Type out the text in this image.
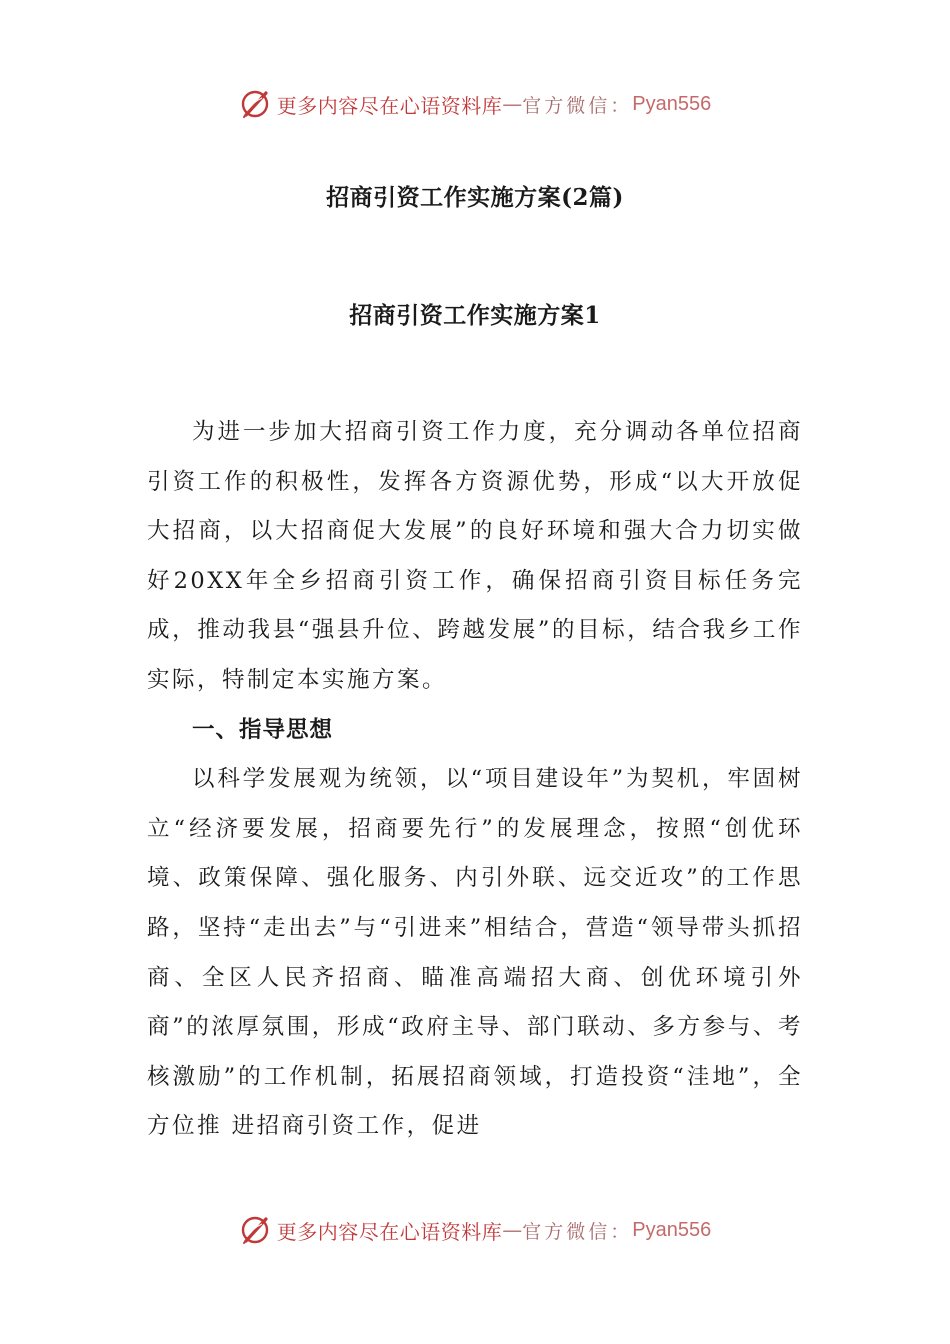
更多内容尽在心语资料库 — 官方微信： Pyan556
招商引资工作实施方案(2篇)
招商引资工作实施方案1

为进一步加大招商引资工作力度，充分调动各单位招商引资工作的积极性，发挥各方资源优势，形成“以大开放促大招商，以大招商促大发展”的良好环境和强大合力切实做好20XX年全乡招商引资工作，确保招商引资目标任务完成，推动我县“强县升位、跨越发展”的目标，结合我乡工作实际，特制定本实施方案。

一、指导思想

以科学发展观为统领，以“项目建设年”为契机，牢固树立“经济要发展，招商要先行”的发展理念，按照“创优环境、政策保障、强化服务、内引外联、远交近攻”的工作思路，坚持“走出去”与“引进来”相结合，营造“领导带头抓招商、全区人民齐招商、瞄准高端招大商、创优环境引外商”的浓厚氛围，形成“政府主导、部门联动、多方参与、考核激励”的工作机制，拓展招商领域，打造投资“洼地”，全方位推 进招商引资工作，促进

更多内容尽在心语资料库 — 官方微信： Pyan556
